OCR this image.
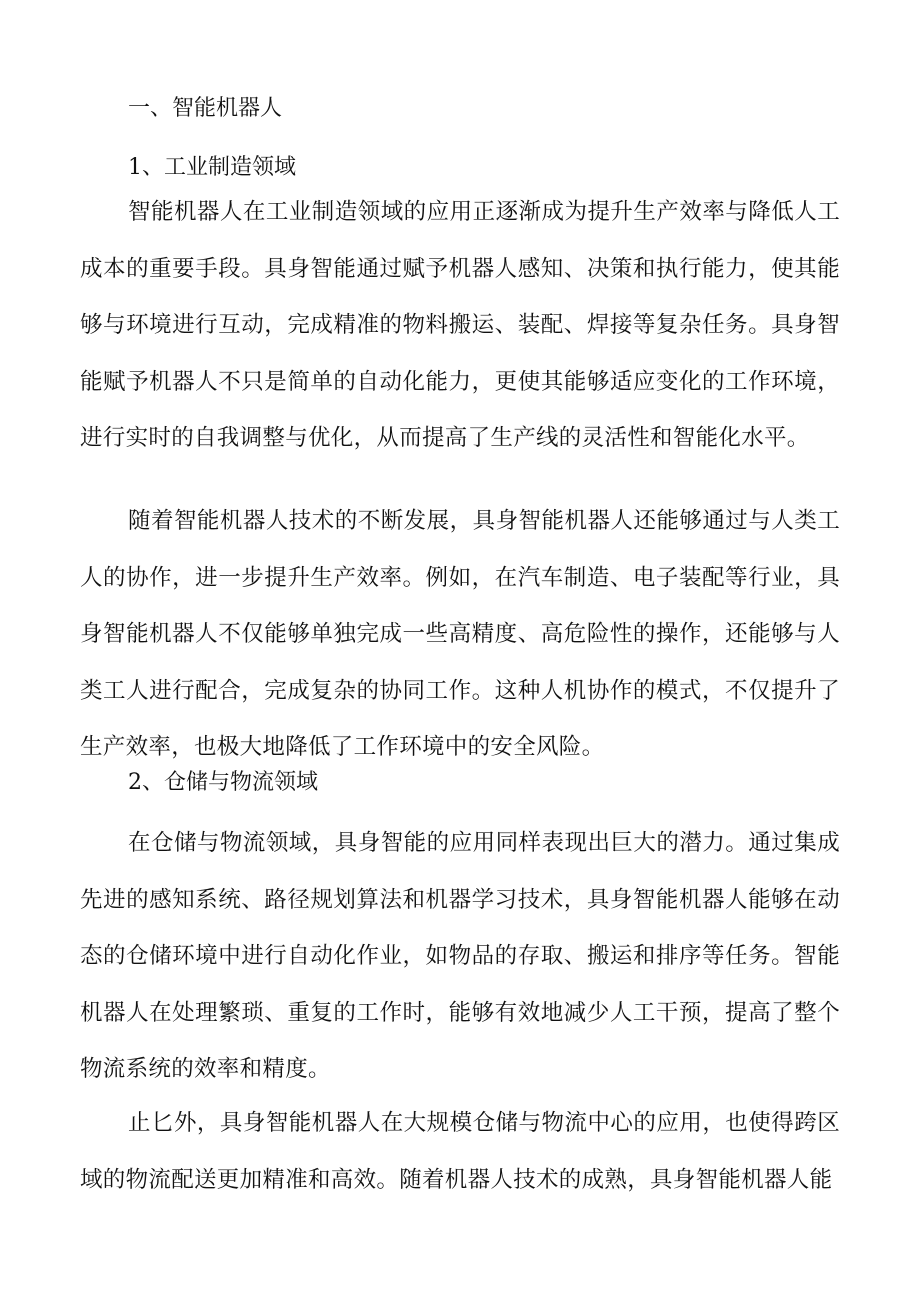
一、智能机器人
1、工业制造领域

智能机器人在工业制造领域的应用正逐渐成为提升生产效率与降低人工成本的重要手段。具身智能通过赋予机器人感知、决策和执行能力，使其能够与环境进行互动，完成精准的物料搬运、装配、焊接等复杂任务。具身智能赋予机器人不只是简单的自动化能力，更使其能够适应变化的工作环境，进行实时的自我调整与优化，从而提高了生产线的灵活性和智能化水平。

随着智能机器人技术的不断发展，具身智能机器人还能够通过与人类工人的协作，进一步提升生产效率。例如，在汽车制造、电子装配等行业，具身智能机器人不仅能够单独完成一些高精度、高危险性的操作，还能够与人类工人进行配合，完成复杂的协同工作。这种人机协作的模式，不仅提升了生产效率，也极大地降低了工作环境中的安全风险。

2、仓储与物流领域

在仓储与物流领域，具身智能的应用同样表现出巨大的潜力。通过集成先进的感知系统、路径规划算法和机器学习技术，具身智能机器人能够在动态的仓储环境中进行自动化作业，如物品的存取、搬运和排序等任务。智能机器人在处理繁琐、重复的工作时，能够有效地减少人工干预，提高了整个物流系统的效率和精度。

止匕外，具身智能机器人在大规模仓储与物流中心的应用，也使得跨区域的物流配送更加精准和高效。随着机器人技术的成熟，具身智能机器人能
